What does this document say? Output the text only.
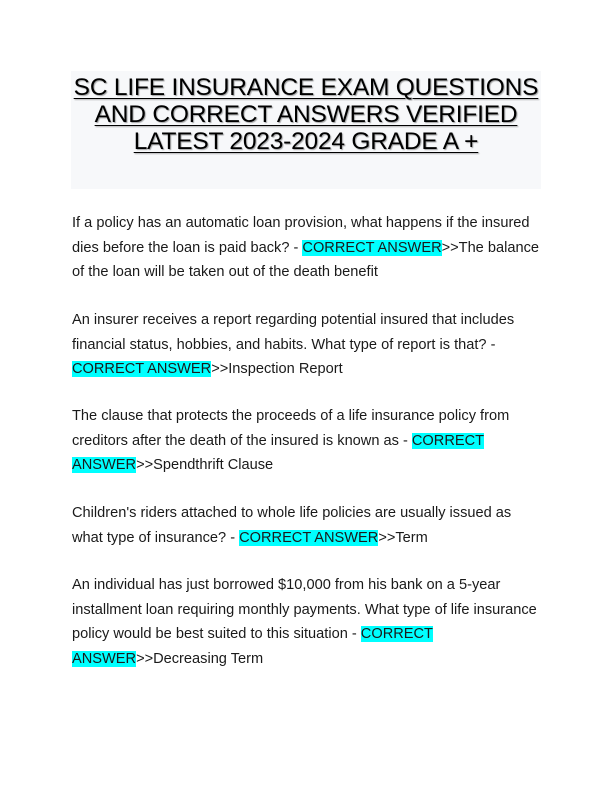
SC LIFE INSURANCE EXAM QUESTIONS
AND CORRECT ANSWERS VERIFIED
LATEST 2023-2024 GRADE A +

If a policy has an automatic loan provision, what happens if the insured dies before the loan is paid back? - CORRECT ANSWER>>The balance of the loan will be taken out of the death benefit

An insurer receives a report regarding potential insured that includes financial status, hobbies, and habits. What type of report is that? - CORRECT ANSWER>>Inspection Report

The clause that protects the proceeds of a life insurance policy from creditors after the death of the insured is known as - CORRECT ANSWER>>Spendthrift Clause

Children's riders attached to whole life policies are usually issued as what type of insurance? - CORRECT ANSWER>>Term

An individual has just borrowed $10,000 from his bank on a 5-year installment loan requiring monthly payments. What type of life insurance policy would be best suited to this situation - CORRECT ANSWER>>Decreasing Term
